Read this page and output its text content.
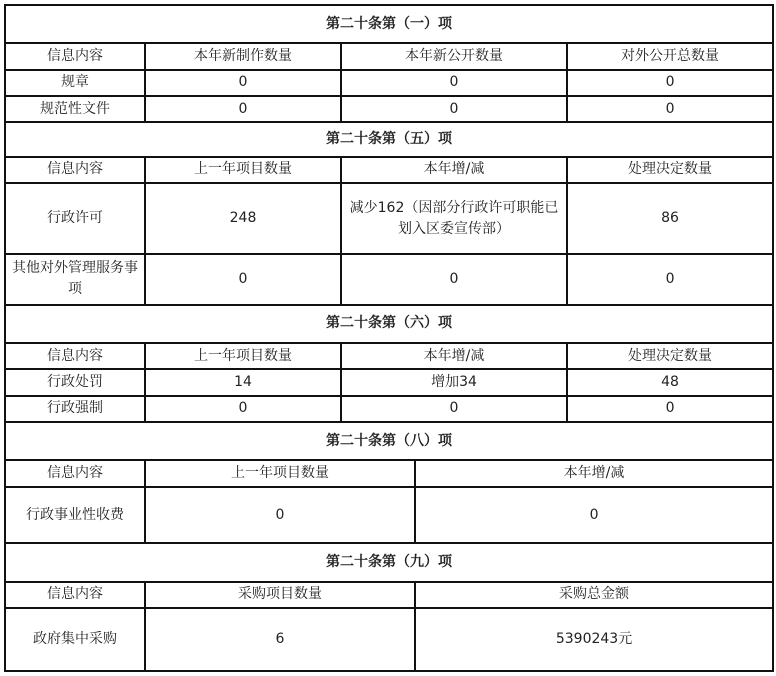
第二十条第（一）项				
信息内容	本年新制作数量	本年新公开数量		对外公开总数量
规章	0	0		0
规范性文件	0	0		0
第二十条第（五）项				
信息内容	上一年项目数量	本年增/减		处理决定数量
行政许可	248	减少162（因部分行政许可职能已划入区委宣传部）		86
其他对外管理服务事项	0	0		0
第二十条第（六）项				
信息内容	上一年项目数量	本年增/减		处理决定数量
行政处罚	14	增加34		48
行政强制	0	0		0
第二十条第（八）项				
信息内容	上一年项目数量		本年增/减	
行政事业性收费	0		0	
第二十条第（九）项				
信息内容	采购项目数量		采购总金额	
政府集中采购	6		5390243元	
